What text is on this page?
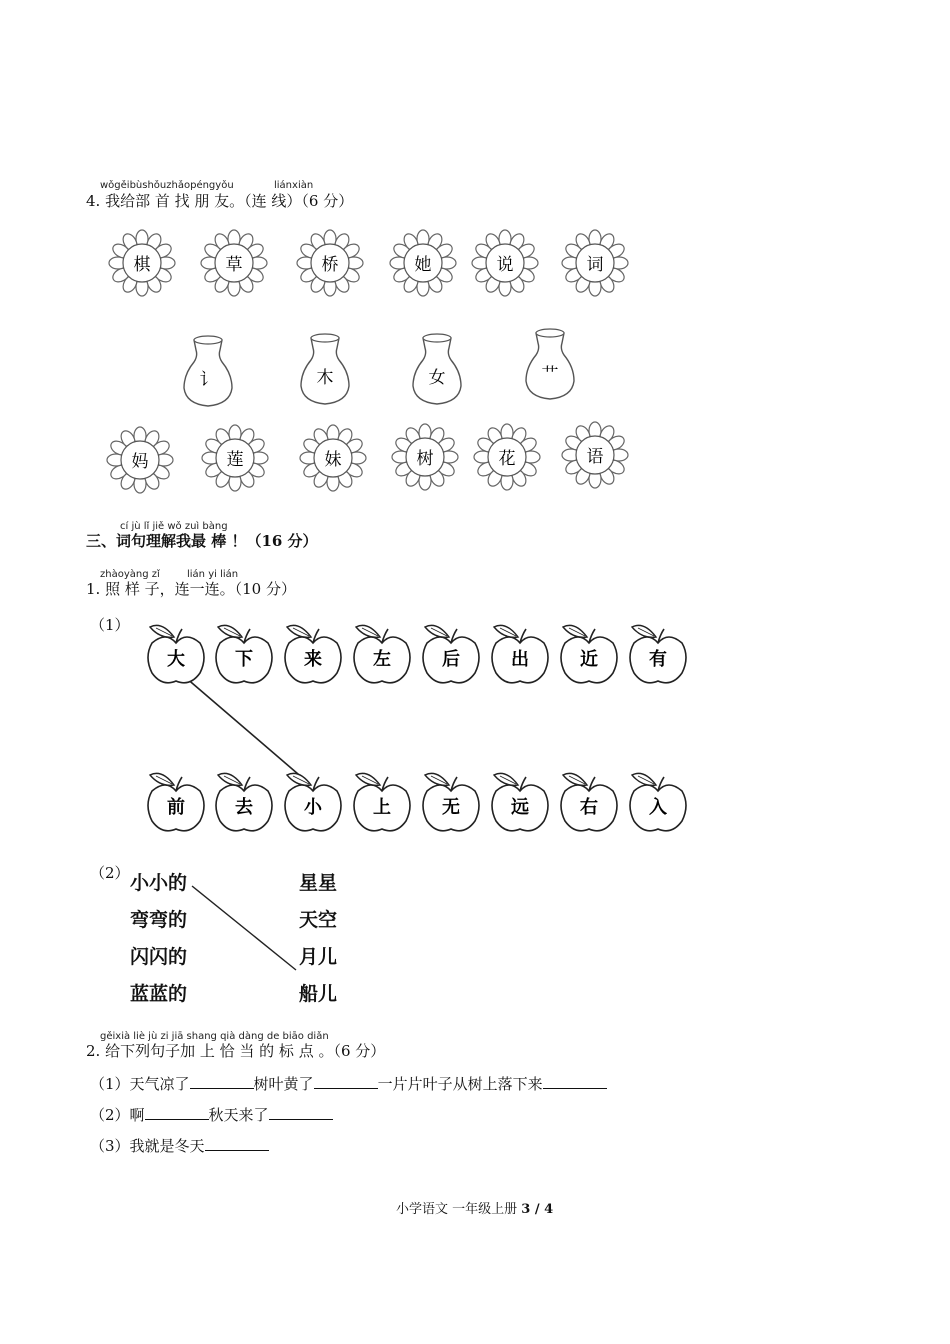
wǒgěibùshǒuzhǎopéngyǒu	liánxiàn
4. 我给部 首 找 朋 友。（连 线）（6 分）
棋	草	桥	她	说	词
讠	木	女	艹
妈	莲	妹	树	花	语
cí jù lǐ jiě wǒ zuì bàng
三、词句理解我最 棒 ！（16 分）
zhàoyàng zǐ	lián yi lián
1. 照 样 子，连一连。（10 分）
（1）
大	下	来	左	后	出	近	有
前	去	小	上	无	远	右	入
（2） 小小的
弯弯的
闪闪的
蓝蓝的
星星
天空
月儿
船儿
gěixià liè jù zi jiā shang qià dàng de biāo diǎn
2. 给下列句子加 上 恰 当 的 标 点 。（6 分）
（1）天气凉了	树叶黄了	一片片叶子从树上落下来
（2）啊	秋天来了
（3）我就是冬天
小学语文 一年级上册 3 / 4
